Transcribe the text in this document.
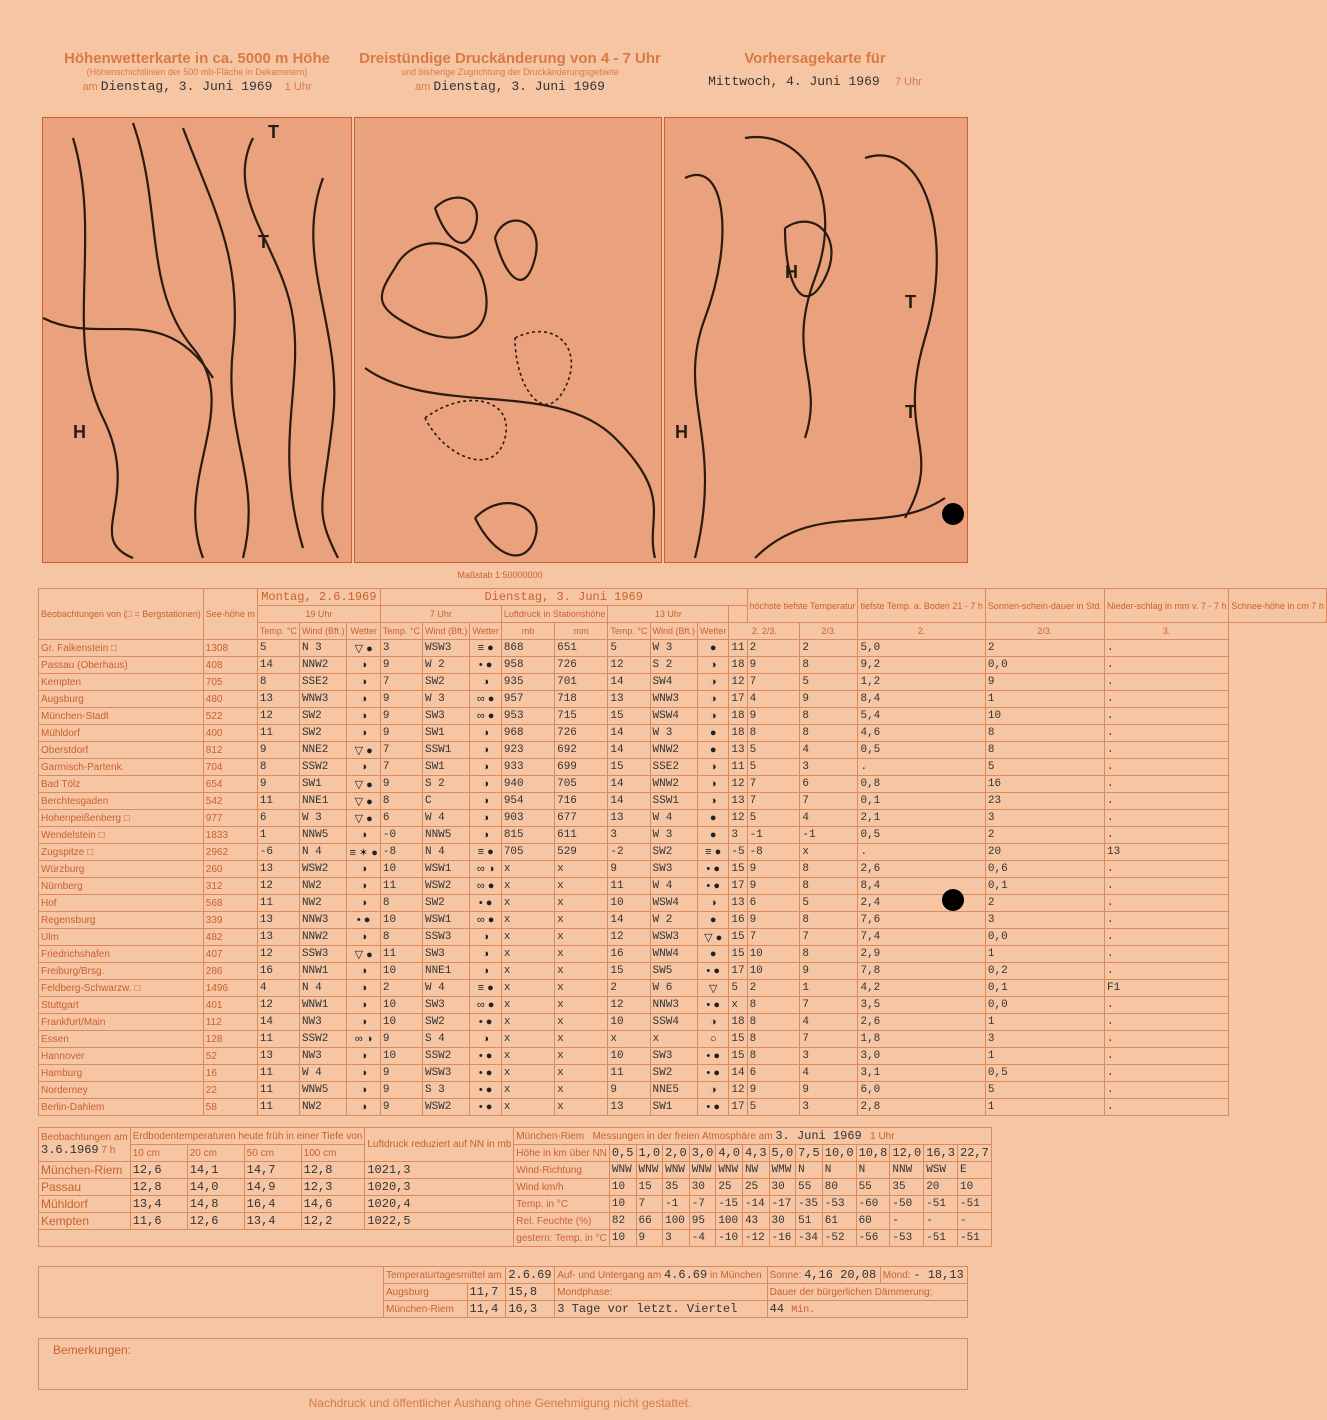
Höhenwetterkarte in ca. 5000 m Höhe
(Höhenschichtlinien der 500 mb-Fläche in Dekametern)
am Dienstag, 3. Juni 1969 1 Uhr
Dreistündige Druckänderung von 4 - 7 Uhr
und bisherige Zugrichtung der Druckänderungsgebiete
am Dienstag, 3. Juni 1969
Vorhersagekarte für
Mittwoch, 4. Juni 1969 7 Uhr
T
T
H
H
T
T
H
Maßstab 1:50000000
Beobachtungen von (□ = Bergstationen)	See-höhe m	Montag, 2.6.1969			Dienstag, 3. Juni 1969									höchste tiefste Temperatur		tiefste Temp. a. Boden 21 - 7 h	Sonnen-schein-dauer in Std.	Nieder-schlag in mm v. 7 - 7 h	Schnee-höhe in cm 7 h
		19 Uhr			7 Uhr			Luftdruck in Stationshöhe		13 Uhr									
		Temp. °C	Wind (Bft.)	Wetter	Temp. °C	Wind (Bft.)	Wetter	mb	mm	Temp. °C	Wind (Bft.)	Wetter	2. 2/3.		2/3.	2.	2/3.	3.	
Gr. Falkenstein □	1308	5	N 3	▽ ●	3	WSW3	≡ ●	868	651	5	W 3	●	11	2	2	5,0	2	.	
Passau (Oberhaus)	408	14	NNW2	◑	9	W 2	• ●	958	726	12	S 2	◑	18	9	8	9,2	0,0	.	
Kempten	705	8	SSE2	◑	7	SW2	◑	935	701	14	SW4	◑	12	7	5	1,2	9	.	
Augsburg	480	13	WNW3	◑	9	W 3	∞ ●	957	718	13	WNW3	◑	17	4	9	8,4	1	.	
München-Stadt	522	12	SW2	◑	9	SW3	∞ ●	953	715	15	WSW4	◑	18	9	8	5,4	10	.	
Mühldorf	400	11	SW2	◑	9	SW1	◑	968	726	14	W 3	●	18	8	8	4,6	8	.	
Oberstdorf	812	9	NNE2	▽ ●	7	SSW1	◑	923	692	14	WNW2	●	13	5	4	0,5	8	.	
Garmisch-Partenk.	704	8	SSW2	◑	7	SW1	◑	933	699	15	SSE2	◑	11	5	3	.	5	.	
Bad Tölz	654	9	SW1	▽ ●	9	S 2	◑	940	705	14	WNW2	◑	12	7	6	0,8	16	.	
Berchtesgaden	542	11	NNE1	▽ ●	8	C	◑	954	716	14	SSW1	◑	13	7	7	0,1	23	.	
Hohenpeißenberg □	977	6	W 3	▽ ●	6	W 4	◑	903	677	13	W 4	●	12	5	4	2,1	3	.	
Wendelstein □	1833	1	NNW5	◑	-0	NNW5	◑	815	611	3	W 3	●	3	-1	-1	0,5	2	.	
Zugspitze □	2962	-6	N 4	≡ ✶ ●	-8	N 4	≡ ●	705	529	-2	SW2	≡ ●	-5	-8	x	.	20	13	
Würzburg	260	13	WSW2	◑	10	WSW1	∞ ◑	x	x	9	SW3	• ●	15	9	8	2,6	0,6	.	
Nürnberg	312	12	NW2	◑	11	WSW2	∞ ●	x	x	11	W 4	• ●	17	9	8	8,4	0,1	.	
Hof	568	11	NW2	◑	8	SW2	• ●	x	x	10	WSW4	◑	13	6	5	2,4	2	.	
Regensburg	339	13	NNW3	• ●	10	WSW1	∞ ●	x	x	14	W 2	●	16	9	8	7,6	3	.	
Ulm	482	13	NNW2	◑	8	SSW3	◑	x	x	12	WSW3	▽ ●	15	7	7	7,4	0,0	.	
Friedrichshafen	407	12	SSW3	▽ ●	11	SW3	◑	x	x	16	WNW4	●	15	10	8	2,9	1	.	
Freiburg/Brsg.	286	16	NNW1	◑	10	NNE1	◑	x	x	15	SW5	• ●	17	10	9	7,8	0,2	.	
Feldberg-Schwarzw. □	1496	4	N 4	◑	2	W 4	≡ ●	x	x	2	W 6	▽	5	2	1	4,2	0,1	F1	
Stuttgart	401	12	WNW1	◑	10	SW3	∞ ●	x	x	12	NNW3	• ●	x	8	7	3,5	0,0	.	
Frankfurt/Main	112	14	NW3	◑	10	SW2	• ●	x	x	10	SSW4	◑	18	8	4	2,6	1	.	
Essen	128	11	SSW2	∞ ◑	9	S 4	◑	x	x	x	x	○	15	8	7	1,8	3	.	
Hannover	52	13	NW3	◑	10	SSW2	• ●	x	x	10	SW3	• ●	15	8	3	3,0	1	.	
Hamburg	16	11	W 4	◑	9	WSW3	• ●	x	x	11	SW2	• ●	14	6	4	3,1	0,5	.	
Norderney	22	11	WNW5	◑	9	S 3	• ●	x	x	9	NNE5	◑	12	9	9	6,0	5	.	
Berlin-Dahlem	58	11	NW2	◑	9	WSW2	• ●	x	x	13	SW1	• ●	17	5	3	2,8	1	.	
Beobachtungen am
3.6.1969 7 h	Erdbodentemperaturen heute früh in einer Tiefe von				Luftdruck reduziert auf NN in mb	München-Riem Messungen in der freien Atmosphäre am 3. Juni 1969 1 Uhr													
	10 cm	20 cm	50 cm	100 cm		Höhe in km über NN	0,5	1,0	2,0	3,0	4,0	4,3	5,0	7,5	10,0	10,8	12,0	16,3	22,7
München-Riem	12,6	14,1	14,7	12,8	1021,3	Wind-Richtung	WNW	WNW	WNW	WNW	WNW	NW	WMW	N	N	N	NNW	WSW	E
Passau	12,8	14,0	14,9	12,3	1020,3	Wind km/h	10	15	35	30	25	25	30	55	80	55	35	20	10
Mühldorf	13,4	14,8	16,4	14,6	1020,4	Temp. in °C	10	7	-1	-7	-15	-14	-17	-35	-53	-60	-50	-51	-51
Kempten	11,6	12,6	13,4	12,2	1022,5	Rel. Feuchte (%)	82	66	100	95	100	43	30	51	61	60	-	-	-
						gestern: Temp. in °C	10	9	3	-4	-10	-12	-16	-34	-52	-56	-53	-51	-51
	Temperaturtagesmittel am		2.6.69	Auf- und Untergang am 4.6.69 in München	Sonne: 4,16 20,08	Mond: - 18,13
	Augsburg	11,7	15,8	Mondphase:	Dauer der bürgerlichen Dämmerung:	
	München-Riem	11,4	16,3	3 Tage vor letzt. Viertel	44 Min.	
Bemerkungen:
Nachdruck und öffentlicher Aushang ohne Genehmigung nicht gestattet.
